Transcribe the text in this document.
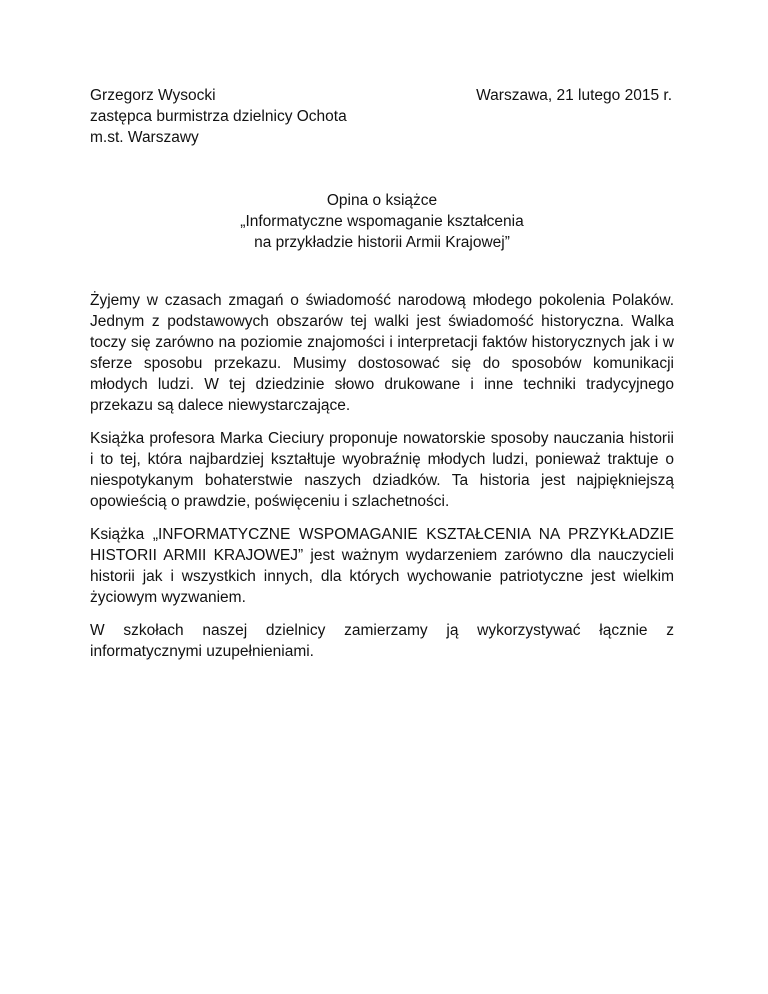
Grzegorz Wysocki
zastępca burmistrza dzielnicy Ochota
m.st. Warszawy
Warszawa, 21 lutego 2015 r.
Opina o książce
„Informatyczne wspomaganie kształcenia
na przykładzie historii Armii Krajowej”

Żyjemy w czasach zmagań o świadomość narodową młodego pokolenia Polaków. Jednym z podstawowych obszarów tej walki jest świadomość historyczna. Walka toczy się zarówno na poziomie znajomości i interpretacji faktów historycznych jak i w sferze sposobu przekazu. Musimy dostosować się do sposobów komunikacji młodych ludzi. W tej dziedzinie słowo drukowane i inne techniki tradycyjnego przekazu są dalece niewystarczające.

Książka profesora Marka Cieciury proponuje nowatorskie sposoby nauczania historii i to tej, która najbardziej kształtuje wyobraźnię młodych ludzi, ponieważ traktuje o niespotykanym bohaterstwie naszych dziadków. Ta historia jest najpiękniejszą opowieścią o prawdzie, poświęceniu i szlachetności.

Książka „INFORMATYCZNE WSPOMAGANIE KSZTAŁCENIA NA PRZYKŁADZIE HISTORII ARMII KRAJOWEJ” jest ważnym wydarzeniem zarówno dla nauczycieli historii jak i wszystkich innych, dla których wychowanie patriotyczne jest wielkim życiowym wyzwaniem.

W szkołach naszej dzielnicy zamierzamy ją wykorzystywać łącznie z informatycznymi uzupełnieniami.
